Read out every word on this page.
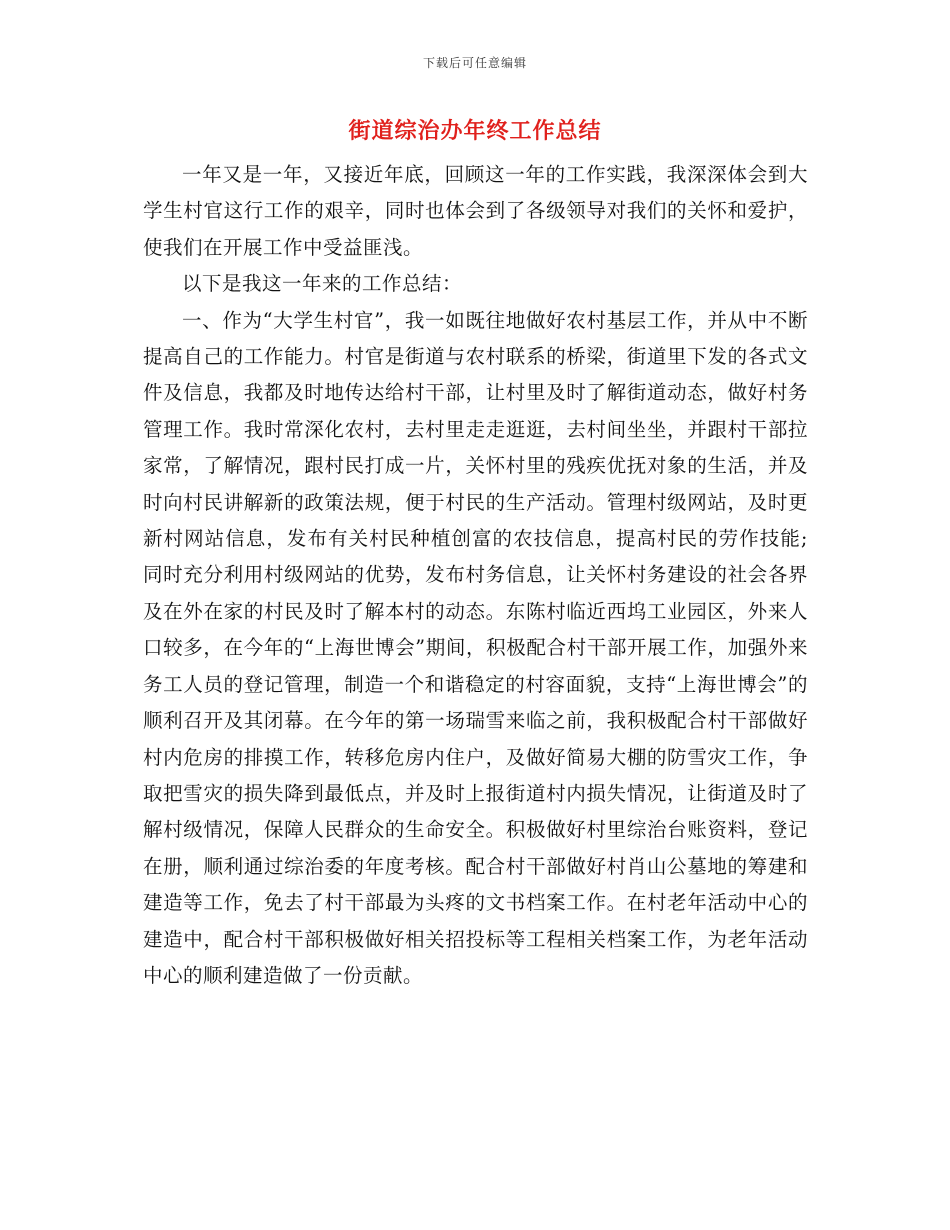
下载后可任意编辑
街道综治办年终工作总结

一年又是一年，又接近年底，回顾这一年的工作实践，我深深体会到大学生村官这行工作的艰辛，同时也体会到了各级领导对我们的关怀和爱护，使我们在开展工作中受益匪浅。

以下是我这一年来的工作总结：

一、作为“大学生村官”，我一如既往地做好农村基层工作，并从中不断提高自己的工作能力。村官是街道与农村联系的桥梁，街道里下发的各式文件及信息，我都及时地传达给村干部，让村里及时了解街道动态，做好村务管理工作。我时常深化农村，去村里走走逛逛，去村间坐坐，并跟村干部拉家常，了解情况，跟村民打成一片，关怀村里的残疾优抚对象的生活，并及时向村民讲解新的政策法规，便于村民的生产活动。管理村级网站，及时更新村网站信息，发布有关村民种植创富的农技信息，提高村民的劳作技能;同时充分利用村级网站的优势，发布村务信息，让关怀村务建设的社会各界及在外在家的村民及时了解本村的动态。东陈村临近西坞工业园区，外来人口较多，在今年的“上海世博会”期间，积极配合村干部开展工作，加强外来务工人员的登记管理，制造一个和谐稳定的村容面貌，支持“上海世博会”的顺利召开及其闭幕。在今年的第一场瑞雪来临之前，我积极配合村干部做好村内危房的排摸工作，转移危房内住户，及做好简易大棚的防雪灾工作，争取把雪灾的损失降到最低点，并及时上报街道村内损失情况，让街道及时了解村级情况，保障人民群众的生命安全。积极做好村里综治台账资料，登记在册，顺利通过综治委的年度考核。配合村干部做好村肖山公墓地的筹建和建造等工作，免去了村干部最为头疼的文书档案工作。在村老年活动中心的建造中，配合村干部积极做好相关招投标等工程相关档案工作，为老年活动中心的顺利建造做了一份贡献。
